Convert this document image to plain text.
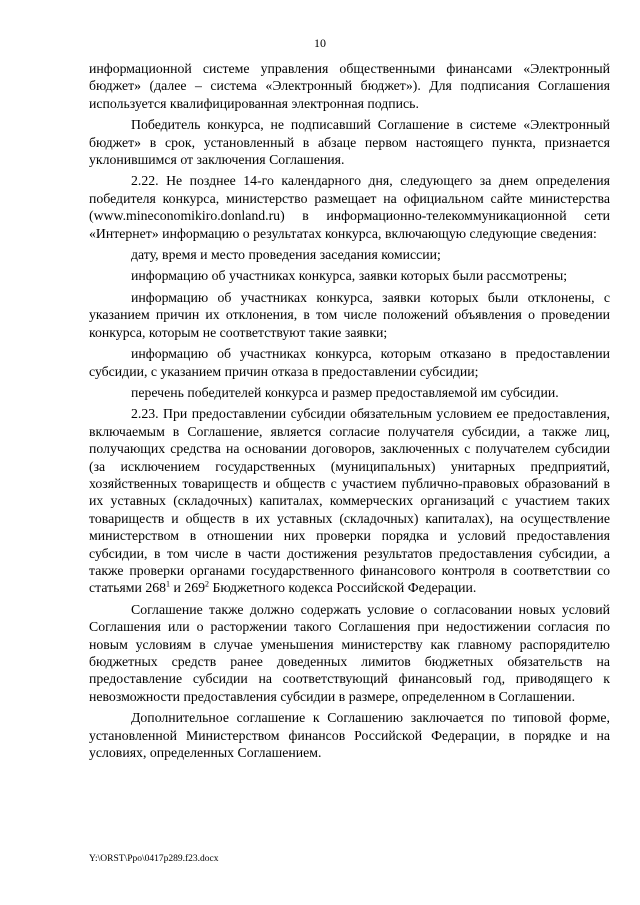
10

информационной системе управления общественными финансами «Электронный бюджет» (далее – система «Электронный бюджет»). Для подписания Соглашения используется квалифицированная электронная подпись.

Победитель конкурса, не подписавший Соглашение в системе «Электронный бюджет» в срок, установленный в абзаце первом настоящего пункта, признается уклонившимся от заключения Соглашения.

2.22. Не позднее 14-го календарного дня, следующего за днем определения победителя конкурса, министерство размещает на официальном сайте министерства (www.mineconomikiro.donland.ru) в информационно-телекоммуникационной сети «Интернет» информацию о результатах конкурса, включающую следующие сведения:

дату, время и место проведения заседания комиссии;

информацию об участниках конкурса, заявки которых были рассмотрены;

информацию об участниках конкурса, заявки которых были отклонены, с указанием причин их отклонения, в том числе положений объявления о проведении конкурса, которым не соответствуют такие заявки;

информацию об участниках конкурса, которым отказано в предоставлении субсидии, с указанием причин отказа в предоставлении субсидии;

перечень победителей конкурса и размер предоставляемой им субсидии.

2.23. При предоставлении субсидии обязательным условием ее предоставления, включаемым в Соглашение, является согласие получателя субсидии, а также лиц, получающих средства на основании договоров, заключенных с получателем субсидии (за исключением государственных (муниципальных) унитарных предприятий, хозяйственных товариществ и обществ с участием публично-правовых образований в их уставных (складочных) капиталах, коммерческих организаций с участием таких товариществ и обществ в их уставных (складочных) капиталах), на осуществление министерством в отношении них проверки порядка и условий предоставления субсидии, в том числе в части достижения результатов предоставления субсидии, а также проверки органами государственного финансового контроля в соответствии со статьями $268^1$ и $269^2$ Бюджетного кодекса Российской Федерации.

Соглашение также должно содержать условие о согласовании новых условий Соглашения или о расторжении такого Соглашения при недостижении согласия по новым условиям в случае уменьшения министерству как главному распорядителю бюджетных средств ранее доведенных лимитов бюджетных обязательств на предоставление субсидии на соответствующий финансовый год, приводящего к невозможности предоставления субсидии в размере, определенном в Соглашении.

Дополнительное соглашение к Соглашению заключается по типовой форме, установленной Министерством финансов Российской Федерации, в порядке и на условиях, определенных Соглашением.

Y:\ORST\Ppo\0417p289.f23.docx
